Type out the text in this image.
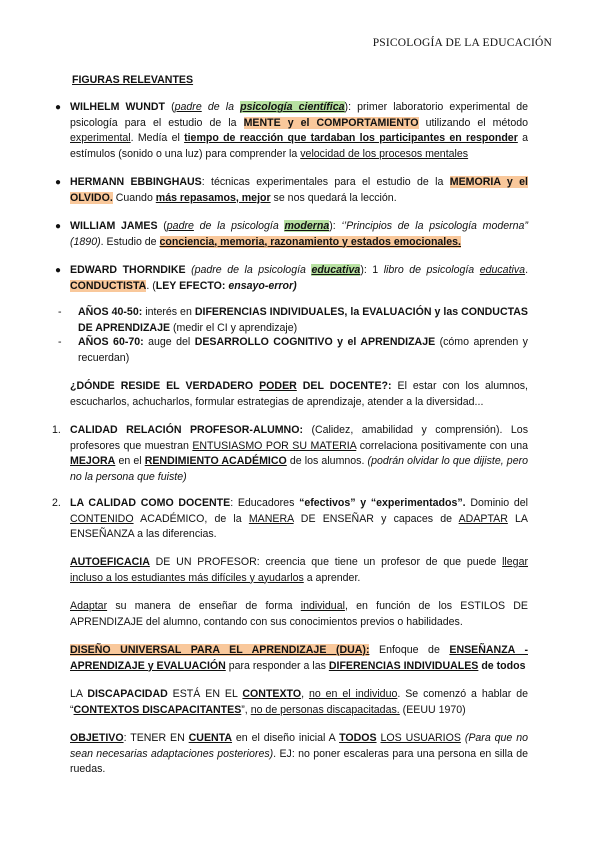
PSICOLOGÍA DE LA EDUCACIÓN
FIGURAS RELEVANTES
● WILHELM WUNDT (padre de la psicología científica): primer laboratorio experimental de psicología para el estudio de la MENTE y el COMPORTAMIENTO utilizando el método experimental. Medía el tiempo de reacción que tardaban los participantes en responder a estímulos (sonido o una luz) para comprender la velocidad de los procesos mentales
● HERMANN EBBINGHAUS: técnicas experimentales para el estudio de la MEMORIA y el OLVIDO. Cuando más repasamos, mejor se nos quedará la lección.
● WILLIAM JAMES (padre de la psicología moderna): ‘’Principios de la psicología moderna” (1890). Estudio de conciencia, memoria, razonamiento y estados emocionales.
● EDWARD THORNDIKE (padre de la psicología educativa): 1 libro de psicología educativa. CONDUCTISTA. (LEY EFECTO: ensayo-error)
- AÑOS 40-50: interés en DIFERENCIAS INDIVIDUALES, la EVALUACIÓN y las CONDUCTAS DE APRENDIZAJE (medir el CI y aprendizaje)
- AÑOS 60-70: auge del DESARROLLO COGNITIVO y el APRENDIZAJE (cómo aprenden y recuerdan)
¿DÓNDE RESIDE EL VERDADERO PODER DEL DOCENTE?: El estar con los alumnos, escucharlos, achucharlos, formular estrategias de aprendizaje, atender a la diversidad...
1. CALIDAD RELACIÓN PROFESOR-ALUMNO: (Calidez, amabilidad y comprensión). Los profesores que muestran ENTUSIASMO POR SU MATERIA correlaciona positivamente con una MEJORA en el RENDIMIENTO ACADÉMICO de los alumnos. (podrán olvidar lo que dijiste, pero no la persona que fuiste)
2. LA CALIDAD COMO DOCENTE: Educadores “efectivos” y “experimentados”. Dominio del CONTENIDO ACADÉMICO, de la MANERA DE ENSEÑAR y capaces de ADAPTAR LA ENSEÑANZA a las diferencias.
AUTOEFICACIA DE UN PROFESOR: creencia que tiene un profesor de que puede llegar incluso a los estudiantes más difíciles y ayudarlos a aprender.
Adaptar su manera de enseñar de forma individual, en función de los ESTILOS DE APRENDIZAJE del alumno, contando con sus conocimientos previos o habilidades.
DISEÑO UNIVERSAL PARA EL APRENDIZAJE (DUA): Enfoque de ENSEÑANZA - APRENDIZAJE y EVALUACIÓN para responder a las DIFERENCIAS INDIVIDUALES de todos
LA DISCAPACIDAD ESTÁ EN EL CONTEXTO, no en el individuo. Se comenzó a hablar de “CONTEXTOS DISCAPACITANTES”, no de personas discapacitadas. (EEUU 1970)
OBJETIVO: TENER EN CUENTA en el diseño inicial A TODOS LOS USUARIOS (Para que no sean necesarias adaptaciones posteriores). EJ: no poner escaleras para una persona en silla de ruedas.
